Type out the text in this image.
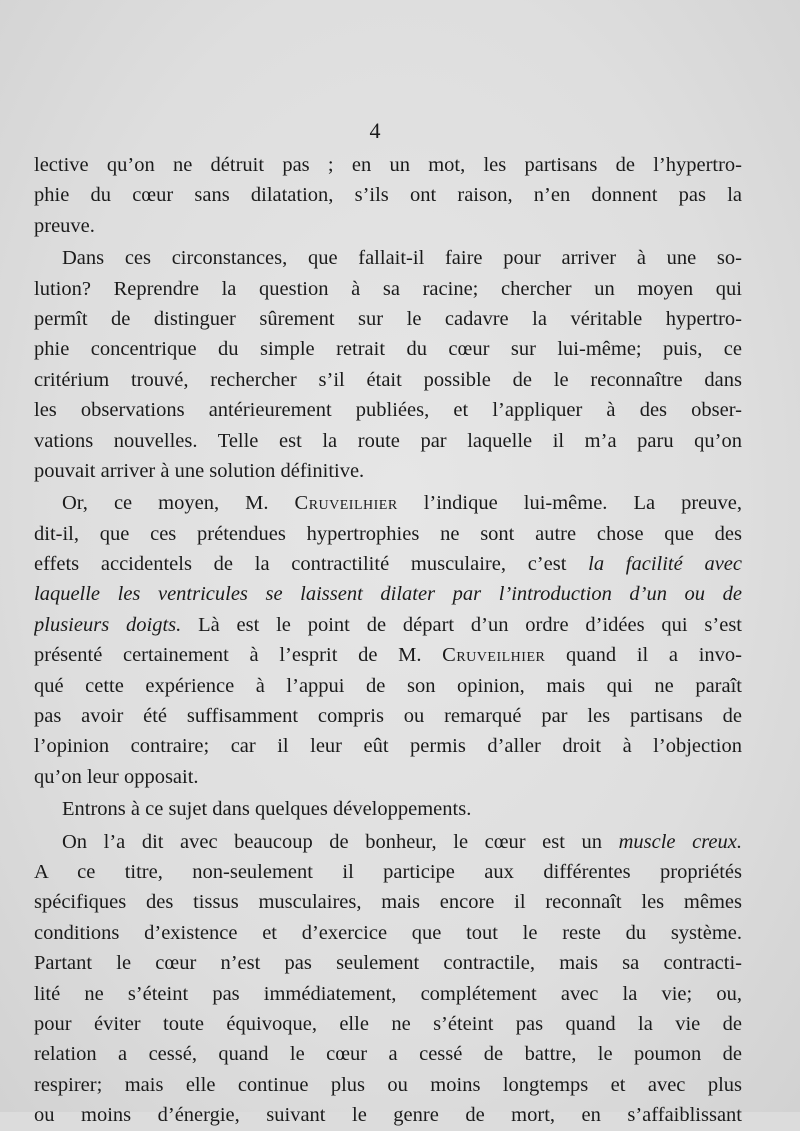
4
lective qu’on ne détruit pas ; en un mot, les partisans de l’hypertro-
phie du cœur sans dilatation, s’ils ont raison, n’en donnent pas la
preuve.
Dans ces circonstances, que fallait-il faire pour arriver à une so-
lution? Reprendre la question à sa racine; chercher un moyen qui
permît de distinguer sûrement sur le cadavre la véritable hypertro-
phie concentrique du simple retrait du cœur sur lui-même; puis, ce
critérium trouvé, rechercher s’il était possible de le reconnaître dans
les observations antérieurement publiées, et l’appliquer à des obser-
vations nouvelles. Telle est la route par laquelle il m’a paru qu’on
pouvait arriver à une solution définitive.
Or, ce moyen, M. Cruveilhier l’indique lui-même. La preuve,
dit-il, que ces prétendues hypertrophies ne sont autre chose que des
effets accidentels de la contractilité musculaire, c’est la facilité avec
laquelle les ventricules se laissent dilater par l’introduction d’un ou de
plusieurs doigts. Là est le point de départ d’un ordre d’idées qui s’est
présenté certainement à l’esprit de M. Cruveilhier quand il a invo-
qué cette expérience à l’appui de son opinion, mais qui ne paraît
pas avoir été suffisamment compris ou remarqué par les partisans de
l’opinion contraire; car il leur eût permis d’aller droit à l’objection
qu’on leur opposait.
Entrons à ce sujet dans quelques développements.
On l’a dit avec beaucoup de bonheur, le cœur est un muscle creux.
A ce titre, non-seulement il participe aux différentes propriétés
spécifiques des tissus musculaires, mais encore il reconnaît les mêmes
conditions d’existence et d’exercice que tout le reste du système.
Partant le cœur n’est pas seulement contractile, mais sa contracti-
lité ne s’éteint pas immédiatement, complétement avec la vie; ou,
pour éviter toute équivoque, elle ne s’éteint pas quand la vie de
relation a cessé, quand le cœur a cessé de battre, le poumon de
respirer; mais elle continue plus ou moins longtemps et avec plus
ou moins d’énergie, suivant le genre de mort, en s’affaiblissant
